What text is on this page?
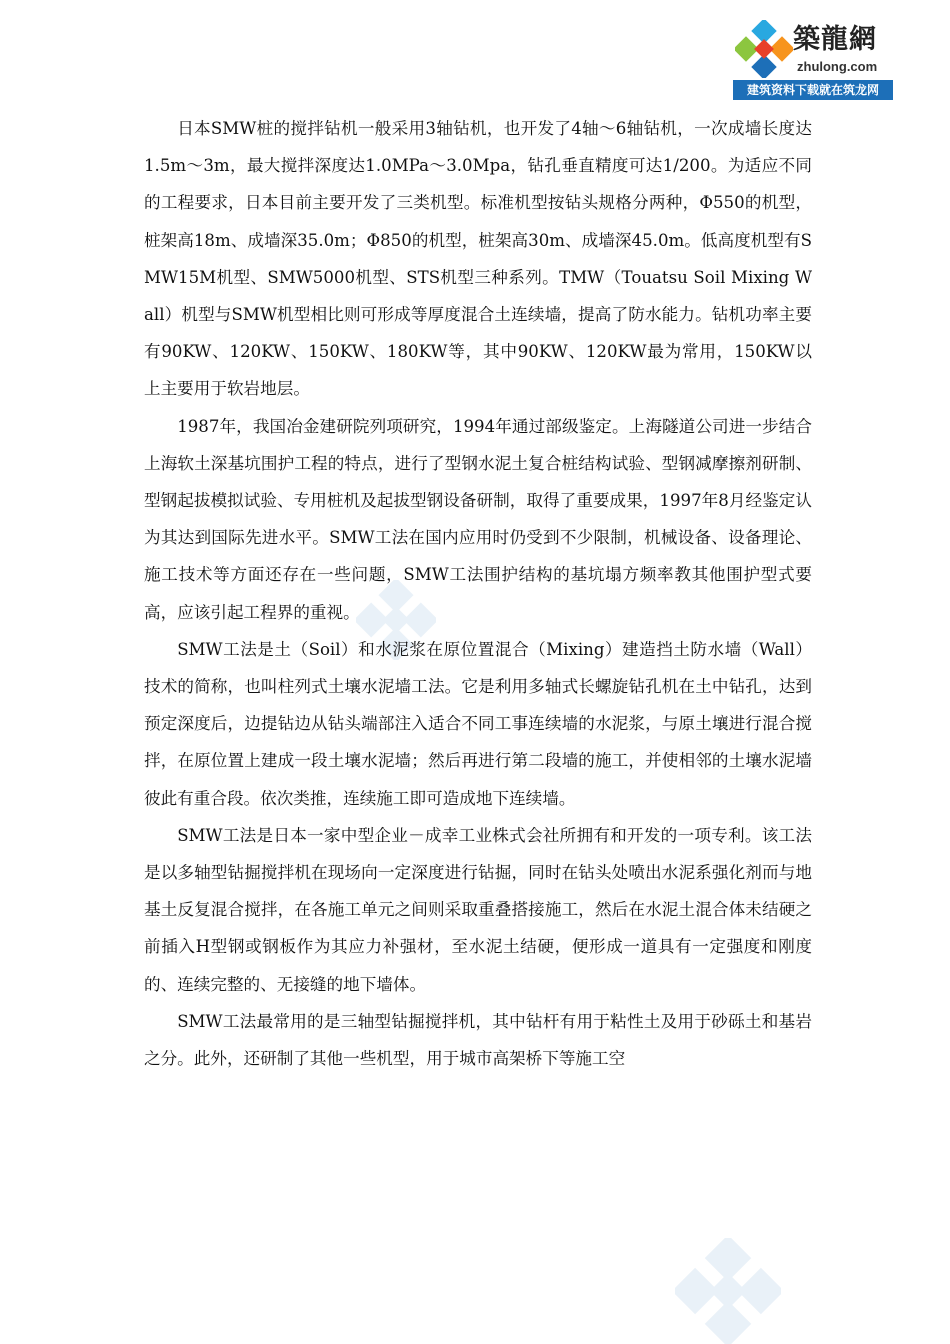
築龍網
zhulong.com
建筑资料下载就在筑龙网

日本SMW桩的搅拌钻机一般采用3轴钻机，也开发了4轴～6轴钻机，一次成墙长度达1.5m～3m，最大搅拌深度达1.0MPa～3.0Mpa，钻孔垂直精度可达1/200。为适应不同的工程要求，日本目前主要开发了三类机型。标准机型按钻头规格分两种，Φ550的机型，桩架高18m、成墙深35.0m；Φ850的机型，桩架高30m、成墙深45.0m。低高度机型有SMW15M机型、SMW5000机型、STS机型三种系列。TMW（Touatsu Soil Mixing Wall）机型与SMW机型相比则可形成等厚度混合土连续墙，提高了防水能力。钻机功率主要有90KW、120KW、150KW、180KW等，其中90KW、120KW最为常用，150KW以上主要用于软岩地层。

1987年，我国冶金建研院列项研究，1994年通过部级鉴定。上海隧道公司进一步结合上海软土深基坑围护工程的特点，进行了型钢水泥土复合桩结构试验、型钢减摩擦剂研制、型钢起拔模拟试验、专用桩机及起拔型钢设备研制，取得了重要成果，1997年8月经鉴定认为其达到国际先进水平。SMW工法在国内应用时仍受到不少限制，机械设备、设备理论、施工技术等方面还存在一些问题，SMW工法围护结构的基坑塌方频率教其他围护型式要高，应该引起工程界的重视。

SMW工法是土（Soil）和水泥浆在原位置混合（Mixing）建造挡土防水墙（Wall）技术的简称，也叫柱列式土壤水泥墙工法。它是利用多轴式长螺旋钻孔机在土中钻孔，达到预定深度后，边提钻边从钻头端部注入适合不同工事连续墙的水泥浆，与原土壤进行混合搅拌，在原位置上建成一段土壤水泥墙；然后再进行第二段墙的施工，并使相邻的土壤水泥墙彼此有重合段。依次类推，连续施工即可造成地下连续墙。

SMW工法是日本一家中型企业－成幸工业株式会社所拥有和开发的一项专利。该工法是以多轴型钻掘搅拌机在现场向一定深度进行钻掘，同时在钻头处喷出水泥系强化剂而与地基土反复混合搅拌，在各施工单元之间则采取重叠搭接施工，然后在水泥土混合体未结硬之前插入H型钢或钢板作为其应力补强材，至水泥土结硬，便形成一道具有一定强度和刚度的、连续完整的、无接缝的地下墙体。

SMW工法最常用的是三轴型钻掘搅拌机，其中钻杆有用于粘性土及用于砂砾土和基岩之分。此外，还研制了其他一些机型，用于城市高架桥下等施工空
